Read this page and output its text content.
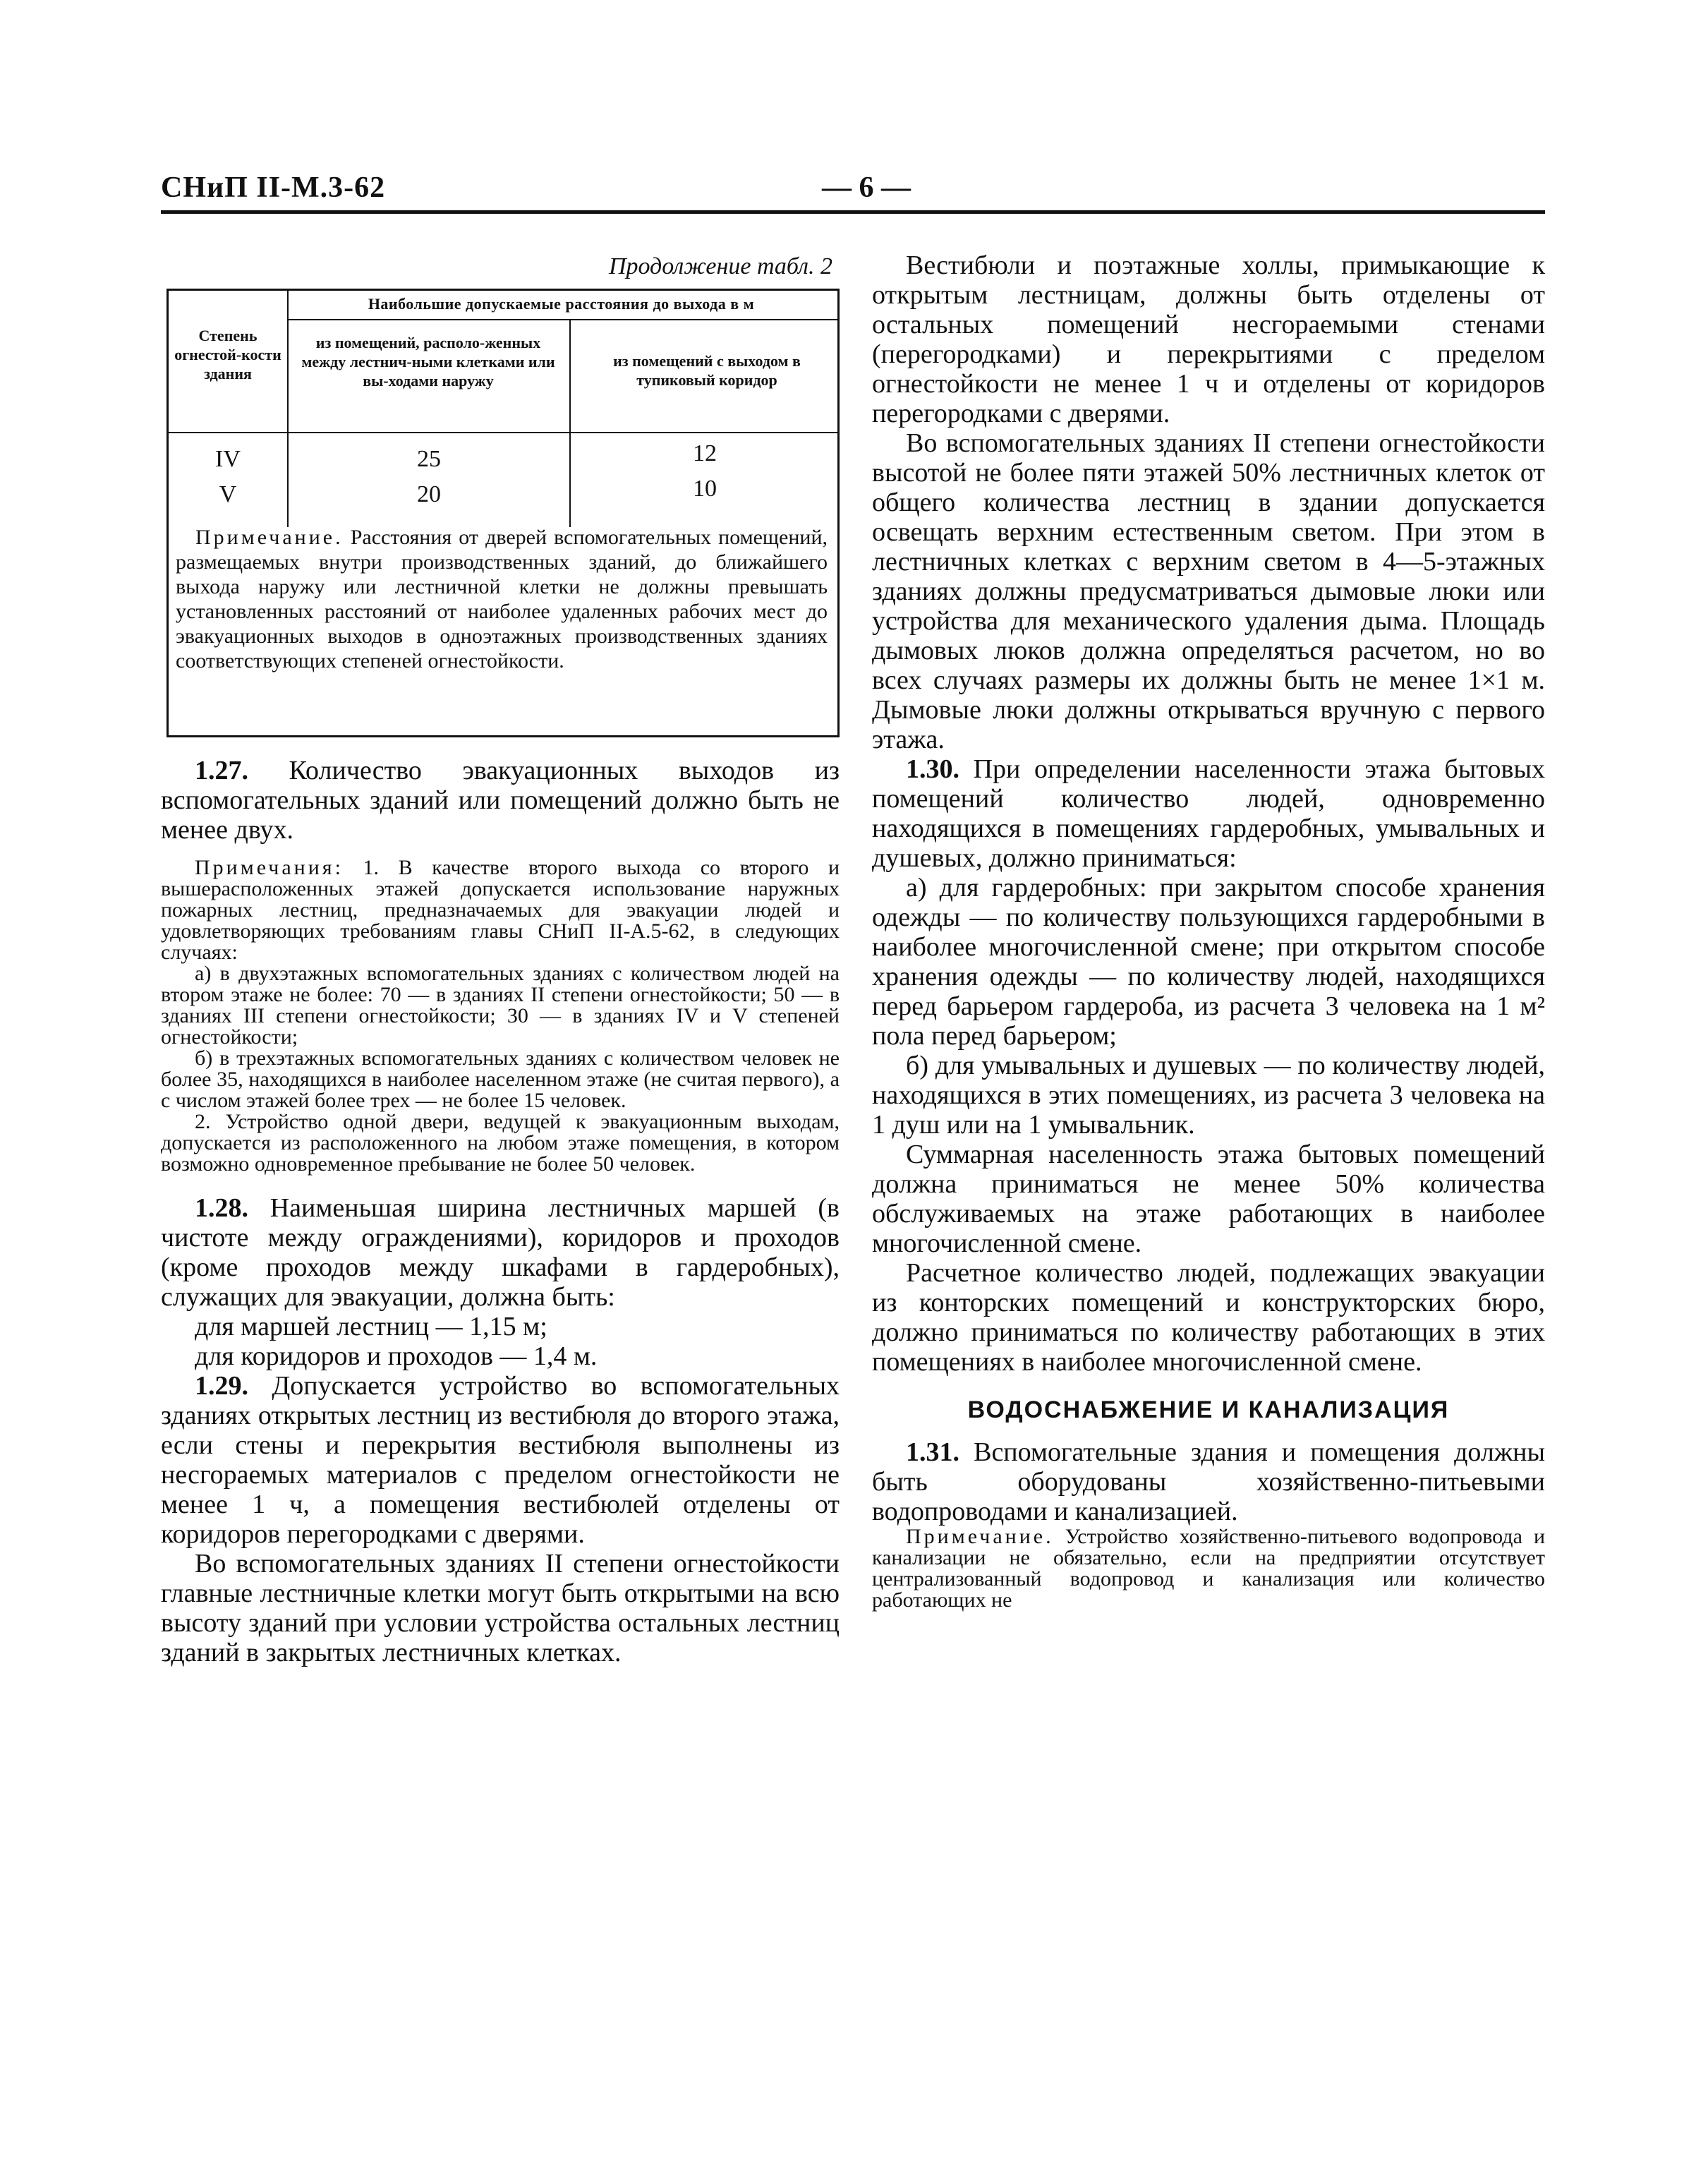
СНиП II-М.3-62	— 6 —
Продолжение табл. 2
Наибольшие допускаемые расстояния до выхода в м
Степень огнестой-кости здания
из помещений, располо-женных между лестнич-ными клетками или вы-ходами наружу
из помещений с выходом в тупиковый коридор
IV	25	12
V	20	10
Примечание. Расстояния от дверей вспомогательных помещений, размещаемых внутри производственных зданий, до ближайшего выхода наружу или лестничной клетки не должны превышать установленных расстояний от наиболее удаленных рабочих мест до эвакуационных выходов в одноэтажных производственных зданиях соответствующих степеней огнестойкости.

1.27. Количество эвакуационных выходов из вспомогательных зданий или помещений должно быть не менее двух.

Примечания: 1. В качестве второго выхода со второго и вышерасположенных этажей допускается использование наружных пожарных лестниц, предназначаемых для эвакуации людей и удовлетворяющих требованиям главы СНиП II-А.5-62, в следующих случаях:

а) в двухэтажных вспомогательных зданиях с количеством людей на втором этаже не более: 70 — в зданиях II степени огнестойкости; 50 — в зданиях III степени огнестойкости; 30 — в зданиях IV и V степеней огнестойкости;

б) в трехэтажных вспомогательных зданиях с количеством человек не более 35, находящихся в наиболее населенном этаже (не считая первого), а с числом этажей более трех — не более 15 человек.

2. Устройство одной двери, ведущей к эвакуационным выходам, допускается из расположенного на любом этаже помещения, в котором возможно одновременное пребывание не более 50 человек.

1.28. Наименьшая ширина лестничных маршей (в чистоте между ограждениями), коридоров и проходов (кроме проходов между шкафами в гардеробных), служащих для эвакуации, должна быть:

для маршей лестниц — 1,15 м;

для коридоров и проходов — 1,4 м.

1.29. Допускается устройство во вспомогательных зданиях открытых лестниц из вестибюля до второго этажа, если стены и перекрытия вестибюля выполнены из несгораемых материалов с пределом огнестойкости не менее 1 ч, а помещения вестибюлей отделены от коридоров перегородками с дверями.

Во вспомогательных зданиях II степени огнестойкости главные лестничные клетки могут быть открытыми на всю высоту зданий при условии устройства остальных лестниц зданий в закрытых лестничных клетках.

Вестибюли и поэтажные холлы, примыкающие к открытым лестницам, должны быть отделены от остальных помещений несгораемыми стенами (перегородками) и перекрытиями с пределом огнестойкости не менее 1 ч и отделены от коридоров перегородками с дверями.

Во вспомогательных зданиях II степени огнестойкости высотой не более пяти этажей 50% лестничных клеток от общего количества лестниц в здании допускается освещать верхним естественным светом. При этом в лестничных клетках с верхним светом в 4—5-этажных зданиях должны предусматриваться дымовые люки или устройства для механического удаления дыма. Площадь дымовых люков должна определяться расчетом, но во всех случаях размеры их должны быть не менее 1×1 м. Дымовые люки должны открываться вручную с первого этажа.

1.30. При определении населенности этажа бытовых помещений количество людей, одновременно находящихся в помещениях гардеробных, умывальных и душевых, должно приниматься:

а) для гардеробных: при закрытом способе хранения одежды — по количеству пользующихся гардеробными в наиболее многочисленной смене; при открытом способе хранения одежды — по количеству людей, находящихся перед барьером гардероба, из расчета 3 человека на 1 м² пола перед барьером;

б) для умывальных и душевых — по количеству людей, находящихся в этих помещениях, из расчета 3 человека на 1 душ или на 1 умывальник.

Суммарная населенность этажа бытовых помещений должна приниматься не менее 50% количества обслуживаемых на этаже работающих в наиболее многочисленной смене.

Расчетное количество людей, подлежащих эвакуации из конторских помещений и конструкторских бюро, должно приниматься по количеству работающих в этих помещениях в наиболее многочисленной смене.

ВОДОСНАБЖЕНИЕ И КАНАЛИЗАЦИЯ

1.31. Вспомогательные здания и помещения должны быть оборудованы хозяйственно-питьевыми водопроводами и канализацией.

Примечание. Устройство хозяйственно-питьевого водопровода и канализации не обязательно, если на предприятии отсутствует централизованный водопровод и канализация или количество работающих не
